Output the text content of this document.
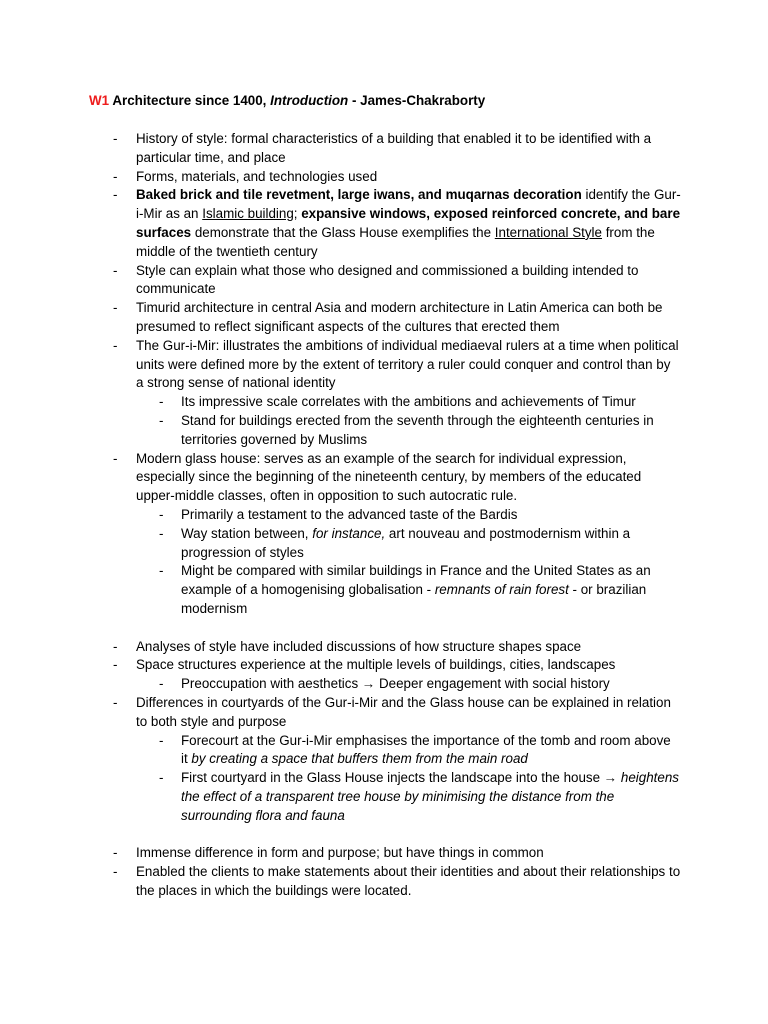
W1 Architecture since 1400, Introduction - James-Chakraborty
- History of style: formal characteristics of a building that enabled it to be identified with a particular time, and place
- Forms, materials, and technologies used
- Baked brick and tile revetment, large iwans, and muqarnas decoration identify the Gur-i-Mir as an Islamic building; expansive windows, exposed reinforced concrete, and bare surfaces demonstrate that the Glass House exemplifies the International Style from the middle of the twentieth century
- Style can explain what those who designed and commissioned a building intended to communicate
- Timurid architecture in central Asia and modern architecture in Latin America can both be presumed to reflect significant aspects of the cultures that erected them
- The Gur-i-Mir: illustrates the ambitions of individual mediaeval rulers at a time when political units were defined more by the extent of territory a ruler could conquer and control than by a strong sense of national identity
- Its impressive scale correlates with the ambitions and achievements of Timur
- Stand for buildings erected from the seventh through the eighteenth centuries in territories governed by Muslims
- Modern glass house: serves as an example of the search for individual expression, especially since the beginning of the nineteenth century, by members of the educated upper-middle classes, often in opposition to such autocratic rule.
- Primarily a testament to the advanced taste of the Bardis
- Way station between, for instance, art nouveau and postmodernism within a progression of styles
- Might be compared with similar buildings in France and the United States as an example of a homogenising globalisation - remnants of rain forest - or brazilian modernism
- Analyses of style have included discussions of how structure shapes space
- Space structures experience at the multiple levels of buildings, cities, landscapes
- Preoccupation with aesthetics → Deeper engagement with social history
- Differences in courtyards of the Gur-i-Mir and the Glass house can be explained in relation to both style and purpose
- Forecourt at the Gur-i-Mir emphasises the importance of the tomb and room above it by creating a space that buffers them from the main road
- First courtyard in the Glass House injects the landscape into the house → heightens the effect of a transparent tree house by minimising the distance from the surrounding flora and fauna
- Immense difference in form and purpose; but have things in common
- Enabled the clients to make statements about their identities and about their relationships to the places in which the buildings were located.
